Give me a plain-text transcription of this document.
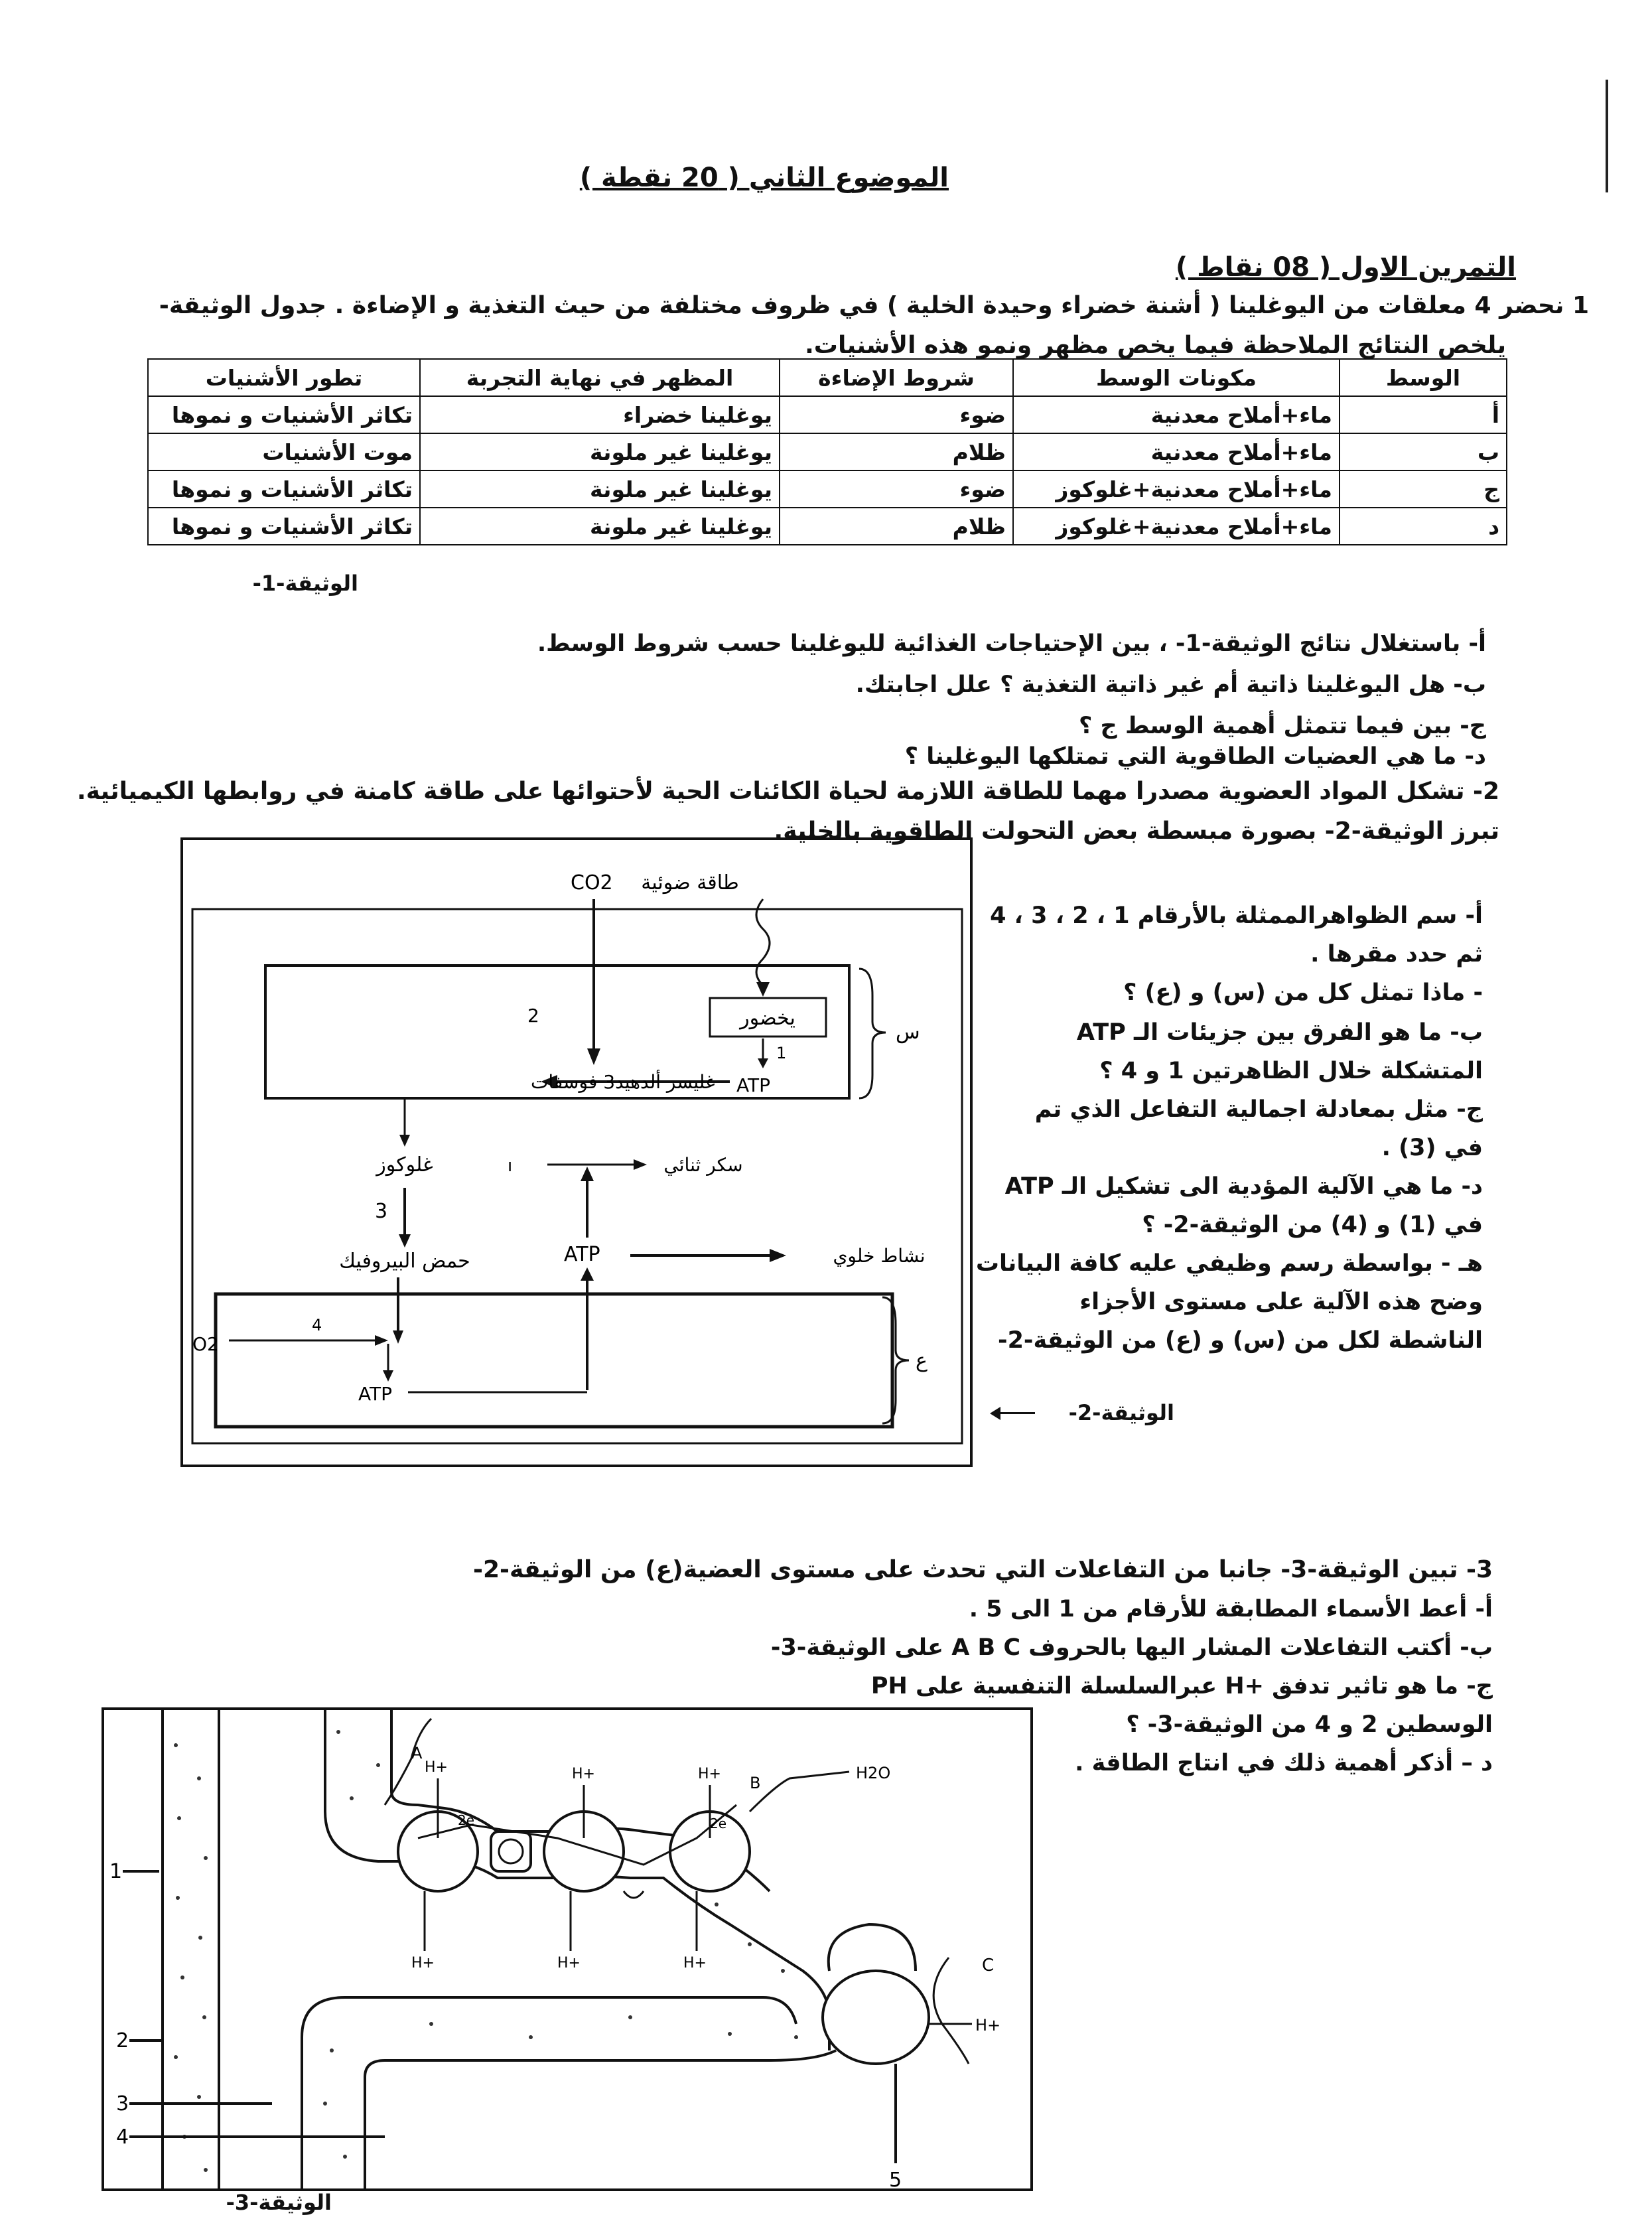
الموضوع الثاني ( 20 نقطة )
التمرين الاول ( 08 نقاط )
1 نحضر 4 معلقات من اليوغلينا ( أشنة خضراء وحيدة الخلية ) في ظروف مختلفة من حيث التغذية و الإضاءة . جدول الوثيقة-
يلخص النتائج الملاحظة فيما يخص مظهر ونمو هذه الأشنيات.
الوسط	مكونات الوسط	شروط الإضاءة	المظهر في نهاية التجربة	تطور الأشنيات
أ	ماء+أملاح معدنية	ضوء	يوغلينا خضراء	تكاثر الأشنيات و نموها
ب	ماء+أملاح معدنية	ظلام	يوغلينا غير ملونة	موت الأشنيات
ج	ماء+أملاح معدنية+غلوكوز	ضوء	يوغلينا غير ملونة	تكاثر الأشنيات و نموها
د	ماء+أملاح معدنية+غلوكوز	ظلام	يوغلينا غير ملونة	تكاثر الأشنيات و نموها
الوثيقة-1-
أ- باستغلال نتائج الوثيقة-1- ، بين الإحتياجات الغذائية لليوغلينا حسب شروط الوسط.
ب- هل اليوغلينا ذاتية أم غير ذاتية التغذية ؟ علل اجابتك.
ج- بين فيما تتمثل أهمية الوسط ج ؟
د- ما هي العضيات الطاقوية التي تمتلكها اليوغلينا ؟
2- تشكل المواد العضوية مصدرا مهما للطاقة اللازمة لحياة الكائنات الحية لأحتوائها على طاقة كامنة في روابطها الكيميائية.
تبرز الوثيقة-2- بصورة مبسطة بعض التحولت الطاقوية بالخلية.
س
CO2 طاقة ضوئية
يخضور
1
ATP
2
غليسر ألدهيد3 فوسفات
غلوكوز	سكر ثنائي
ı
3
حمض البيروفيك	ATP	نشاط خلوي
ع
O2
4
ATP
أ- سم الظواهرالممثلة بالأرقام 1 ، 2 ، 3 ، 4
ثم حدد مقرها .
- ماذا تمثل كل من (س) و (ع) ؟
ب- ما هو الفرق بين جزيئات الـ ATP
المتشكلة خلال الظاهرتين 1 و 4 ؟
ج- مثل بمعادلة اجمالية التفاعل الذي تم
في (3) .
د- ما هي الآلية المؤدية الى تشكيل الـ ATP
في (1) و (4) من الوثيقة-2- ؟
هـ - بواسطة رسم وظيفي عليه كافة البيانات
وضح هذه الآلية على مستوى الأجزاء
الناشطة لكل من (س) و (ع) من الوثيقة-2-
الوثيقة-2-
3- تبين الوثيقة-3- جانبا من التفاعلات التي تحدث على مستوى العضية(ع) من الوثيقة-2-
أ- أعط الأسماء المطابقة للأرقام من 1 الى 5 .
ب- أكتب التفاعلات المشار اليها بالحروف A B C على الوثيقة-3-
ج- ما هو تاثير تدفق +H عبرالسلسلة التنفسية على PH
الوسطين 2 و 4 من الوثيقة-3- ؟
د – أذكر أهمية ذلك في انتاج الطاقة .
H+	H+	H+
H+	H+	H+
H+
2e	2e
A
B
H2O
C
1
2
3
4
5
الوثيقة-3-
